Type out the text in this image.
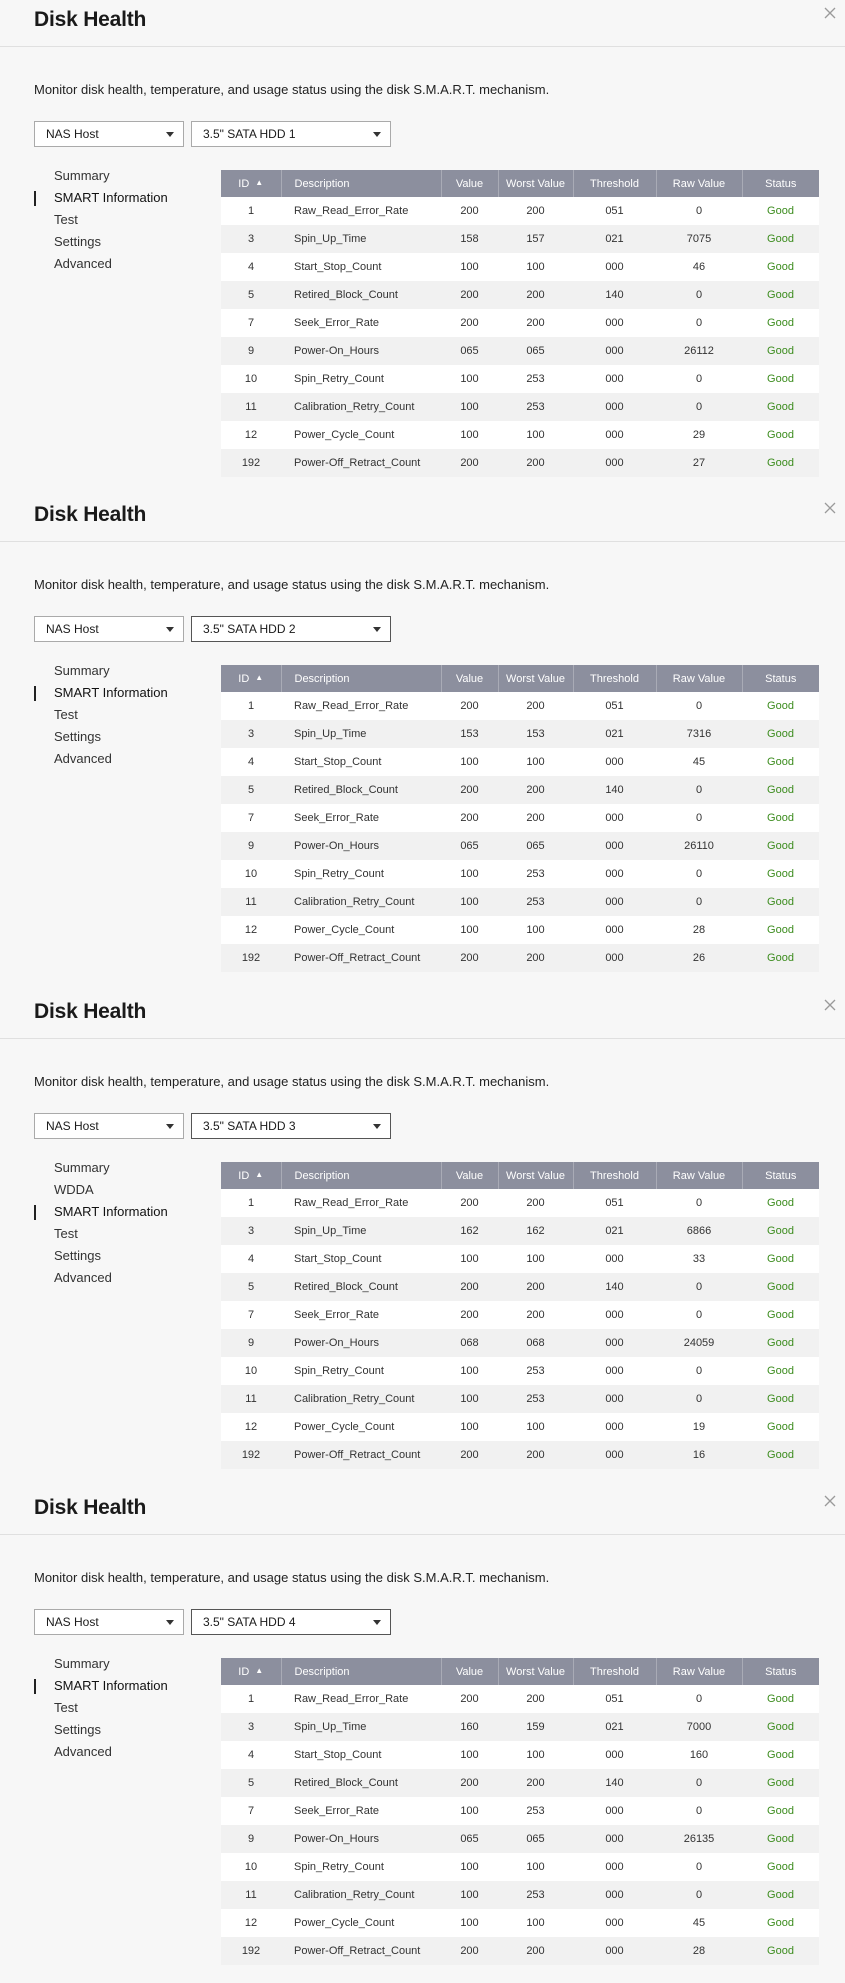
Disk Health
Monitor disk health, temperature, and usage status using the disk S.M.A.R.T. mechanism.
NAS Host	3.5" SATA HDD 1
Summary
SMART Information
Test
Settings
Advanced
ID ▲	Description	Value	Worst Value	Threshold	Raw Value	Status
1	Raw_Read_Error_Rate	200	200	051	0	Good
3	Spin_Up_Time	158	157	021	7075	Good
4	Start_Stop_Count	100	100	000	46	Good
5	Retired_Block_Count	200	200	140	0	Good
7	Seek_Error_Rate	200	200	000	0	Good
9	Power-On_Hours	065	065	000	26112	Good
10	Spin_Retry_Count	100	253	000	0	Good
11	Calibration_Retry_Count	100	253	000	0	Good
12	Power_Cycle_Count	100	100	000	29	Good
192	Power-Off_Retract_Count	200	200	000	27	Good
Disk Health
Monitor disk health, temperature, and usage status using the disk S.M.A.R.T. mechanism.
NAS Host	3.5" SATA HDD 2
Summary
SMART Information
Test
Settings
Advanced
ID ▲	Description	Value	Worst Value	Threshold	Raw Value	Status
1	Raw_Read_Error_Rate	200	200	051	0	Good
3	Spin_Up_Time	153	153	021	7316	Good
4	Start_Stop_Count	100	100	000	45	Good
5	Retired_Block_Count	200	200	140	0	Good
7	Seek_Error_Rate	200	200	000	0	Good
9	Power-On_Hours	065	065	000	26110	Good
10	Spin_Retry_Count	100	253	000	0	Good
11	Calibration_Retry_Count	100	253	000	0	Good
12	Power_Cycle_Count	100	100	000	28	Good
192	Power-Off_Retract_Count	200	200	000	26	Good
Disk Health
Monitor disk health, temperature, and usage status using the disk S.M.A.R.T. mechanism.
NAS Host	3.5" SATA HDD 3
Summary
WDDA
SMART Information
Test
Settings
Advanced
ID ▲	Description	Value	Worst Value	Threshold	Raw Value	Status
1	Raw_Read_Error_Rate	200	200	051	0	Good
3	Spin_Up_Time	162	162	021	6866	Good
4	Start_Stop_Count	100	100	000	33	Good
5	Retired_Block_Count	200	200	140	0	Good
7	Seek_Error_Rate	200	200	000	0	Good
9	Power-On_Hours	068	068	000	24059	Good
10	Spin_Retry_Count	100	253	000	0	Good
11	Calibration_Retry_Count	100	253	000	0	Good
12	Power_Cycle_Count	100	100	000	19	Good
192	Power-Off_Retract_Count	200	200	000	16	Good
Disk Health
Monitor disk health, temperature, and usage status using the disk S.M.A.R.T. mechanism.
NAS Host	3.5" SATA HDD 4
Summary
SMART Information
Test
Settings
Advanced
ID ▲	Description	Value	Worst Value	Threshold	Raw Value	Status
1	Raw_Read_Error_Rate	200	200	051	0	Good
3	Spin_Up_Time	160	159	021	7000	Good
4	Start_Stop_Count	100	100	000	160	Good
5	Retired_Block_Count	200	200	140	0	Good
7	Seek_Error_Rate	100	253	000	0	Good
9	Power-On_Hours	065	065	000	26135	Good
10	Spin_Retry_Count	100	100	000	0	Good
11	Calibration_Retry_Count	100	253	000	0	Good
12	Power_Cycle_Count	100	100	000	45	Good
192	Power-Off_Retract_Count	200	200	000	28	Good
